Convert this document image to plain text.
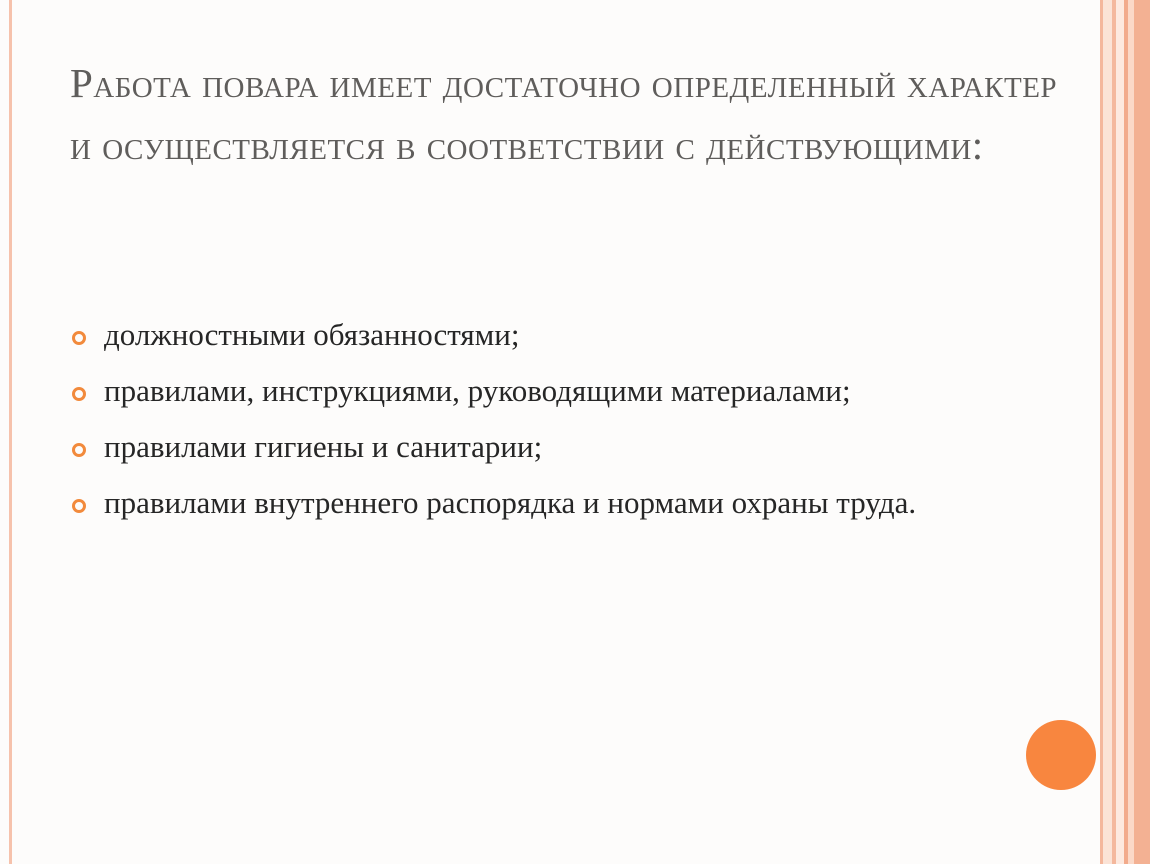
Работа повара имеет достаточно определенный характер и осуществляется в соответствии с действующими:
должностными обязанностями;
правилами, инструкциями, руководящими материалами;
правилами гигиены и санитарии;
правилами внутреннего распорядка и нормами охраны труда.
